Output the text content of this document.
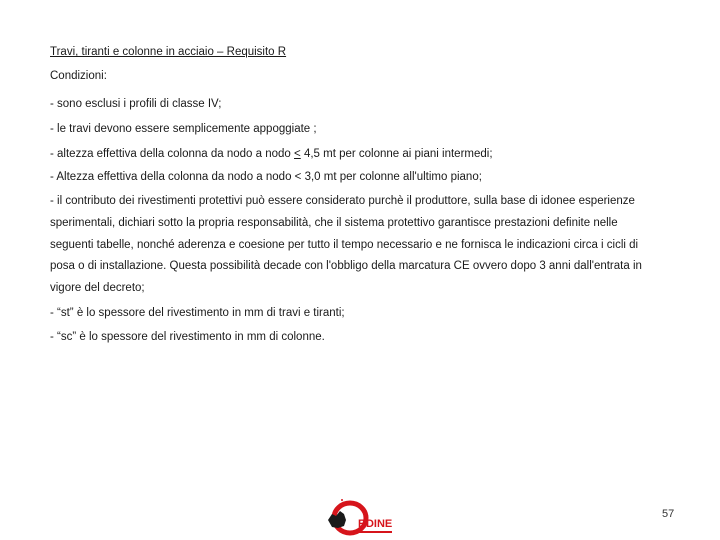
Travi, tiranti e colonne in acciaio – Requisito R
Condizioni:
- sono esclusi i profili di classe IV;
- le travi devono essere semplicemente appoggiate ;
- altezza effettiva della colonna da nodo a nodo ≤ 4,5 mt per colonne ai piani intermedi;
- Altezza effettiva della colonna da nodo a nodo < 3,0 mt per colonne all'ultimo piano;
- il contributo dei rivestimenti protettivi può essere considerato purchè il produttore, sulla base di idonee esperienze
sperimentali, dichiari sotto la propria responsabilità, che il sistema protettivo garantisce prestazioni definite nelle
seguenti tabelle, nonché aderenza e coesione per tutto il tempo necessario e ne fornisca le indicazioni circa i cicli di
posa o di installazione. Questa possibilità decade con l'obbligo della marcatura CE ovvero dopo 3 anni dall'entrata in
vigore del decreto;
- “st” è lo spessore del rivestimento in mm di travi e tiranti;
- “sc” è lo spessore del rivestimento in mm di colonne.
RDINE
57
